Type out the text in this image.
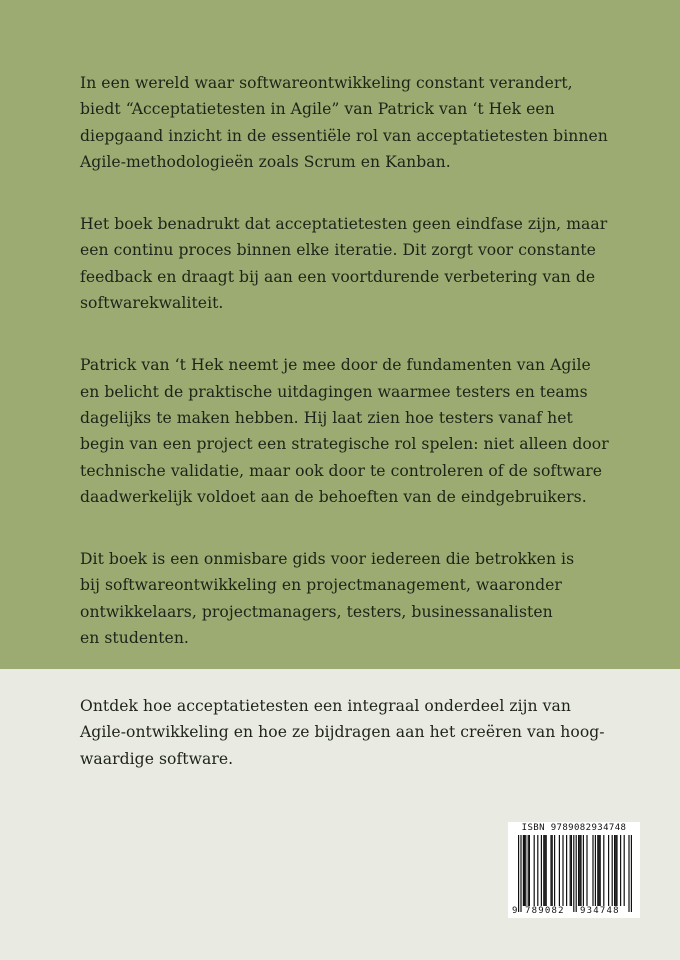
In een wereld waar softwareontwikkeling constant verandert,
biedt “Acceptatietesten in Agile” van Patrick van ‘t Hek een
diepgaand inzicht in de essentiële rol van acceptatietesten binnen
Agile-methodologieën zoals Scrum en Kanban.

Het boek benadrukt dat acceptatietesten geen eindfase zijn, maar
een continu proces binnen elke iteratie. Dit zorgt voor constante
feedback en draagt bij aan een voortdurende verbetering van de
softwarekwaliteit.

Patrick van ‘t Hek neemt je mee door de fundamenten van Agile
en belicht de praktische uitdagingen waarmee testers en teams
dagelijks te maken hebben. Hij laat zien hoe testers vanaf het
begin van een project een strategische rol spelen: niet alleen door
technische validatie, maar ook door te controleren of de software
daadwerkelijk voldoet aan de behoeften van de eindgebruikers.

Dit boek is een onmisbare gids voor iedereen die betrokken is
bij softwareontwikkeling en projectmanagement, waaronder
ontwikkelaars, projectmanagers, testers, businessanalisten
en studenten.

Ontdek hoe acceptatietesten een integraal onderdeel zijn van
Agile-ontwikkeling en hoe ze bijdragen aan het creëren van hoog-
waardige software.

ISBN 9789082934748
9 789082 934748
